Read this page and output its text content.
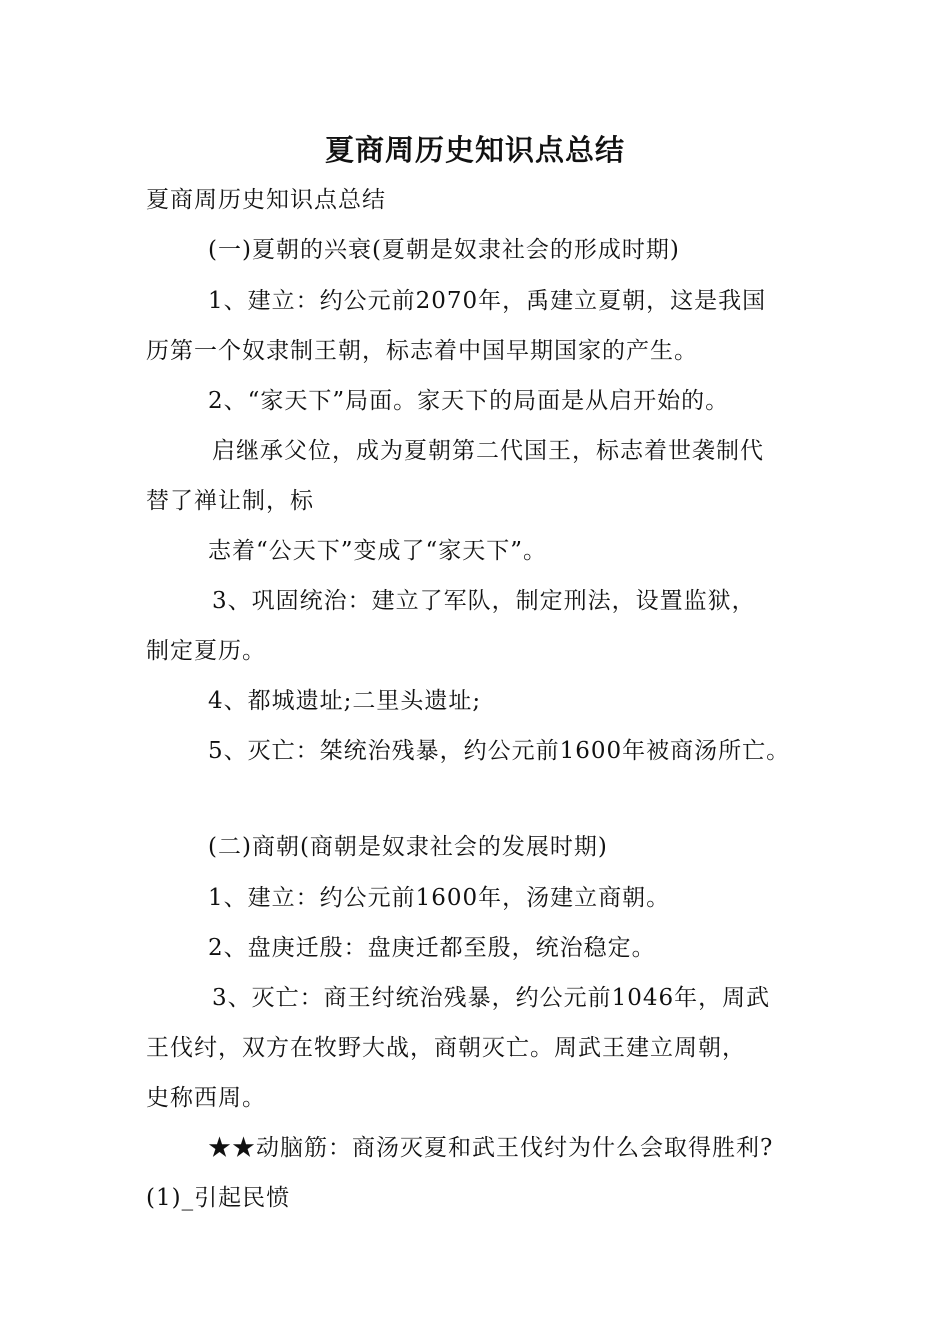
夏商周历史知识点总结
夏商周历史知识点总结
(一)夏朝的兴衰(夏朝是奴隶社会的形成时期)
1、建立：约公元前2070年，禹建立夏朝，这是我国
历第一个奴隶制王朝，标志着中国早期国家的产生。
2、“家天下”局面。家天下的局面是从启开始的。
启继承父位，成为夏朝第二代国王，标志着世袭制代
替了禅让制，标
志着“公天下”变成了“家天下”。
3、巩固统治：建立了军队，制定刑法，设置监狱，
制定夏历。
4、都城遗址;二里头遗址;
5、灭亡：桀统治残暴，约公元前1600年被商汤所亡。
(二)商朝(商朝是奴隶社会的发展时期)
1、建立：约公元前1600年，汤建立商朝。
2、盘庚迁殷：盘庚迁都至殷，统治稳定。
3、灭亡：商王纣统治残暴，约公元前1046年，周武
王伐纣，双方在牧野大战，商朝灭亡。周武王建立周朝，
史称西周。
★★动脑筋：商汤灭夏和武王伐纣为什么会取得胜利?
(1)_引起民愤
